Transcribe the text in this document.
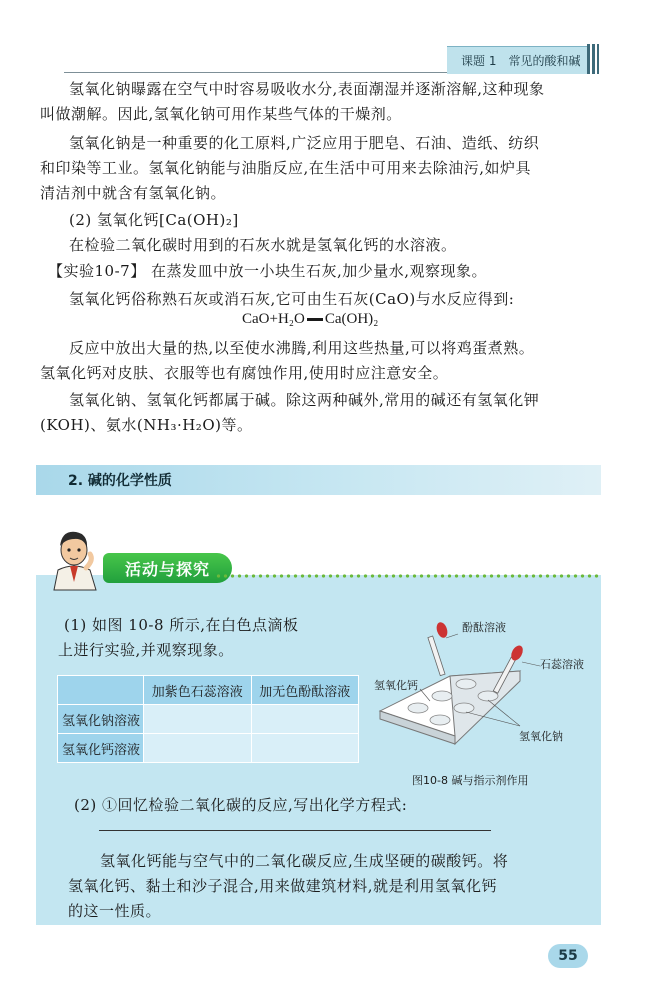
课题 1 常见的酸和碱
氢氧化钠曝露在空气中时容易吸收水分,表面潮湿并逐渐溶解,这种现象
叫做潮解。因此,氢氧化钠可用作某些气体的干燥剂。
氢氧化钠是一种重要的化工原料,广泛应用于肥皂、石油、造纸、纺织
和印染等工业。氢氧化钠能与油脂反应,在生活中可用来去除油污,如炉具
清洁剂中就含有氢氧化钠。
(2) 氢氧化钙[Ca(OH)₂]
在检验二氧化碳时用到的石灰水就是氢氧化钙的水溶液。
【实验10-7】 在蒸发皿中放一小块生石灰,加少量水,观察现象。
氢氧化钙俗称熟石灰或消石灰,它可由生石灰(CaO)与水反应得到:
CaO+H₂O Ca(OH)₂
反应中放出大量的热,以至使水沸腾,利用这些热量,可以将鸡蛋煮熟。
氢氧化钙对皮肤、衣服等也有腐蚀作用,使用时应注意安全。
氢氧化钠、氢氧化钙都属于碱。除这两种碱外,常用的碱还有氢氧化钾
(KOH)、氨水(NH₃·H₂O)等。
2. 碱的化学性质
活动与探究
(1) 如图 10-8 所示,在白色点滴板
上进行实验,并观察现象。
	加紫色石蕊溶液	加无色酚酞溶液
氢氧化钠溶液		
氢氧化钙溶液		
酚酞溶液
石蕊溶液
氢氧化钙
氢氧化钠
图10-8 碱与指示剂作用
(2) ①回忆检验二氧化碳的反应,写出化学方程式:
氢氧化钙能与空气中的二氧化碳反应,生成坚硬的碳酸钙。将
氢氧化钙、黏土和沙子混合,用来做建筑材料,就是利用氢氧化钙
的这一性质。
55
